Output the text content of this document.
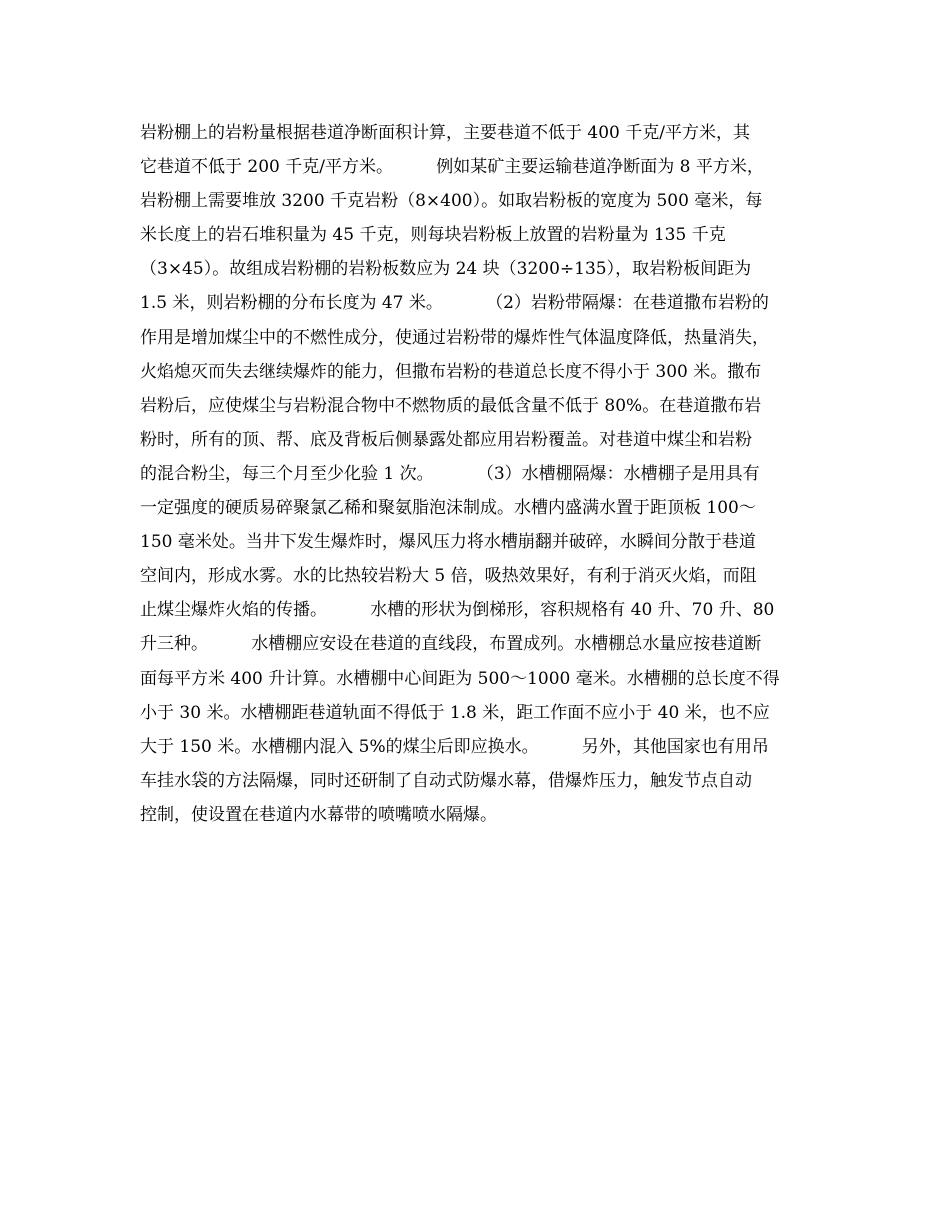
岩粉棚上的岩粉量根据巷道净断面积计算，主要巷道不低于 400 千克/平方米，其
它巷道不低于 200 千克/平方米。        例如某矿主要运输巷道净断面为 8 平方米，
岩粉棚上需要堆放 3200 千克岩粉（8×400）。如取岩粉板的宽度为 500 毫米，每
米长度上的岩石堆积量为 45 千克，则每块岩粉板上放置的岩粉量为 135 千克
（3×45）。故组成岩粉棚的岩粉板数应为 24 块（3200÷135），取岩粉板间距为
1.5 米，则岩粉棚的分布长度为 47 米。        （2）岩粉带隔爆：在巷道撒布岩粉的
作用是增加煤尘中的不燃性成分，使通过岩粉带的爆炸性气体温度降低，热量消失，
火焰熄灭而失去继续爆炸的能力，但撒布岩粉的巷道总长度不得小于 300 米。撒布
岩粉后，应使煤尘与岩粉混合物中不燃物质的最低含量不低于 80%。在巷道撒布岩
粉时，所有的顶、帮、底及背板后侧暴露处都应用岩粉覆盖。对巷道中煤尘和岩粉
的混合粉尘，每三个月至少化验 1 次。        （3）水槽棚隔爆：水槽棚子是用具有
一定强度的硬质易碎聚氯乙稀和聚氨脂泡沫制成。水槽内盛满水置于距顶板 100～
150 毫米处。当井下发生爆炸时，爆风压力将水槽崩翻并破碎，水瞬间分散于巷道
空间内，形成水雾。水的比热较岩粉大 5 倍，吸热效果好，有利于消灭火焰，而阻
止煤尘爆炸火焰的传播。        水槽的形状为倒梯形，容积规格有 40 升、70 升、80
升三种。        水槽棚应安设在巷道的直线段，布置成列。水槽棚总水量应按巷道断
面每平方米 400 升计算。水槽棚中心间距为 500～1000 毫米。水槽棚的总长度不得
小于 30 米。水槽棚距巷道轨面不得低于 1.8 米，距工作面不应小于 40 米，也不应
大于 150 米。水槽棚内混入 5%的煤尘后即应换水。        另外，其他国家也有用吊
车挂水袋的方法隔爆，同时还研制了自动式防爆水幕，借爆炸压力，触发节点自动
控制，使设置在巷道内水幕带的喷嘴喷水隔爆。
